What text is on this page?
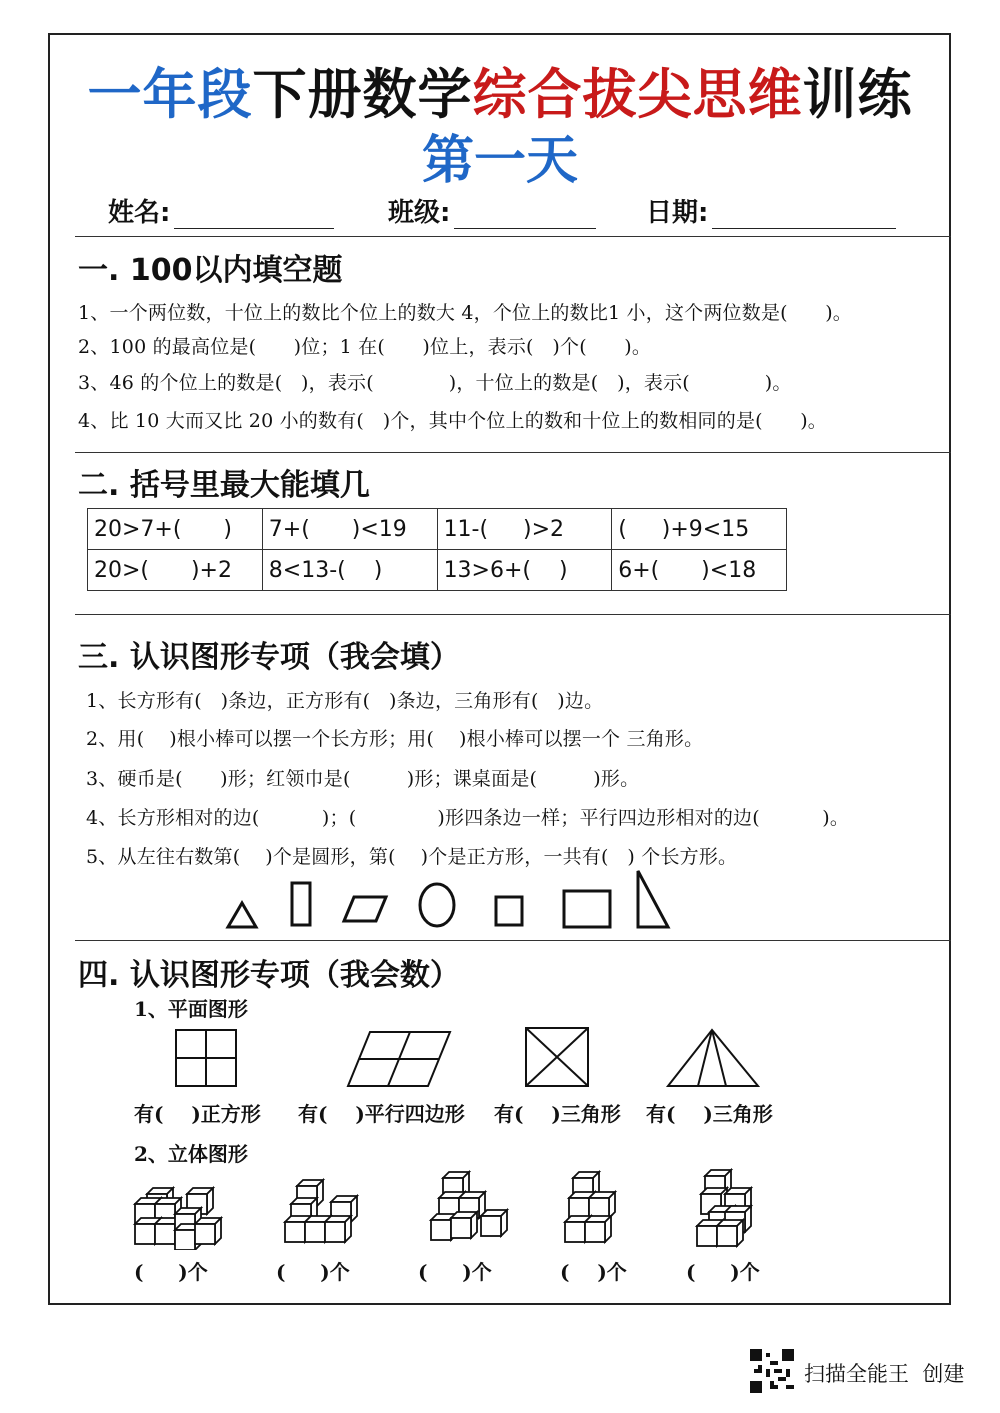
一年段下册数学综合拔尖思维训练
第一天
姓名:	班级:	日期:
一. 100以内填空题
1、一个两位数，十位上的数比个位上的数大 4，个位上的数比1 小，这个两位数是(      )。
2、100 的最高位是(      )位；1 在(      )位上，表示(   )个(      )。
3、46 的个位上的数是(   )，表示(            )，十位上的数是(   )，表示(            )。
4、比 10 大而又比 20 小的数有(   )个，其中个位上的数和十位上的数相同的是(      )。
二. 括号里最大能填几
20>7+(      )	7+(      )<19	11-(     )>2	(     )+9<15
20>(      )+2	8<13-(    )	13>6+(    )	6+(      )<18
三. 认识图形专项（我会填）
1、长方形有(   )条边，正方形有(   )条边，三角形有(   )边。
2、用(    )根小棒可以摆一个长方形；用(    )根小棒可以摆一个 三角形。
3、硬币是(      )形；红领巾是(         )形；课桌面是(         )形。
4、长方形相对的边(          )；(             )形四条边一样；平行四边形相对的边(          )。
5、从左往右数第(    )个是圆形，第(    )个是正方形，一共有(   ) 个长方形。
四. 认识图形专项（我会数）
1、平面图形
有(    )正方形 有(    )平行四边形 有(    )三角形 有(    )三角形
2、立体图形
(     )个	(     )个	(     )个	(    )个	(     )个
扫描全能王  创建
